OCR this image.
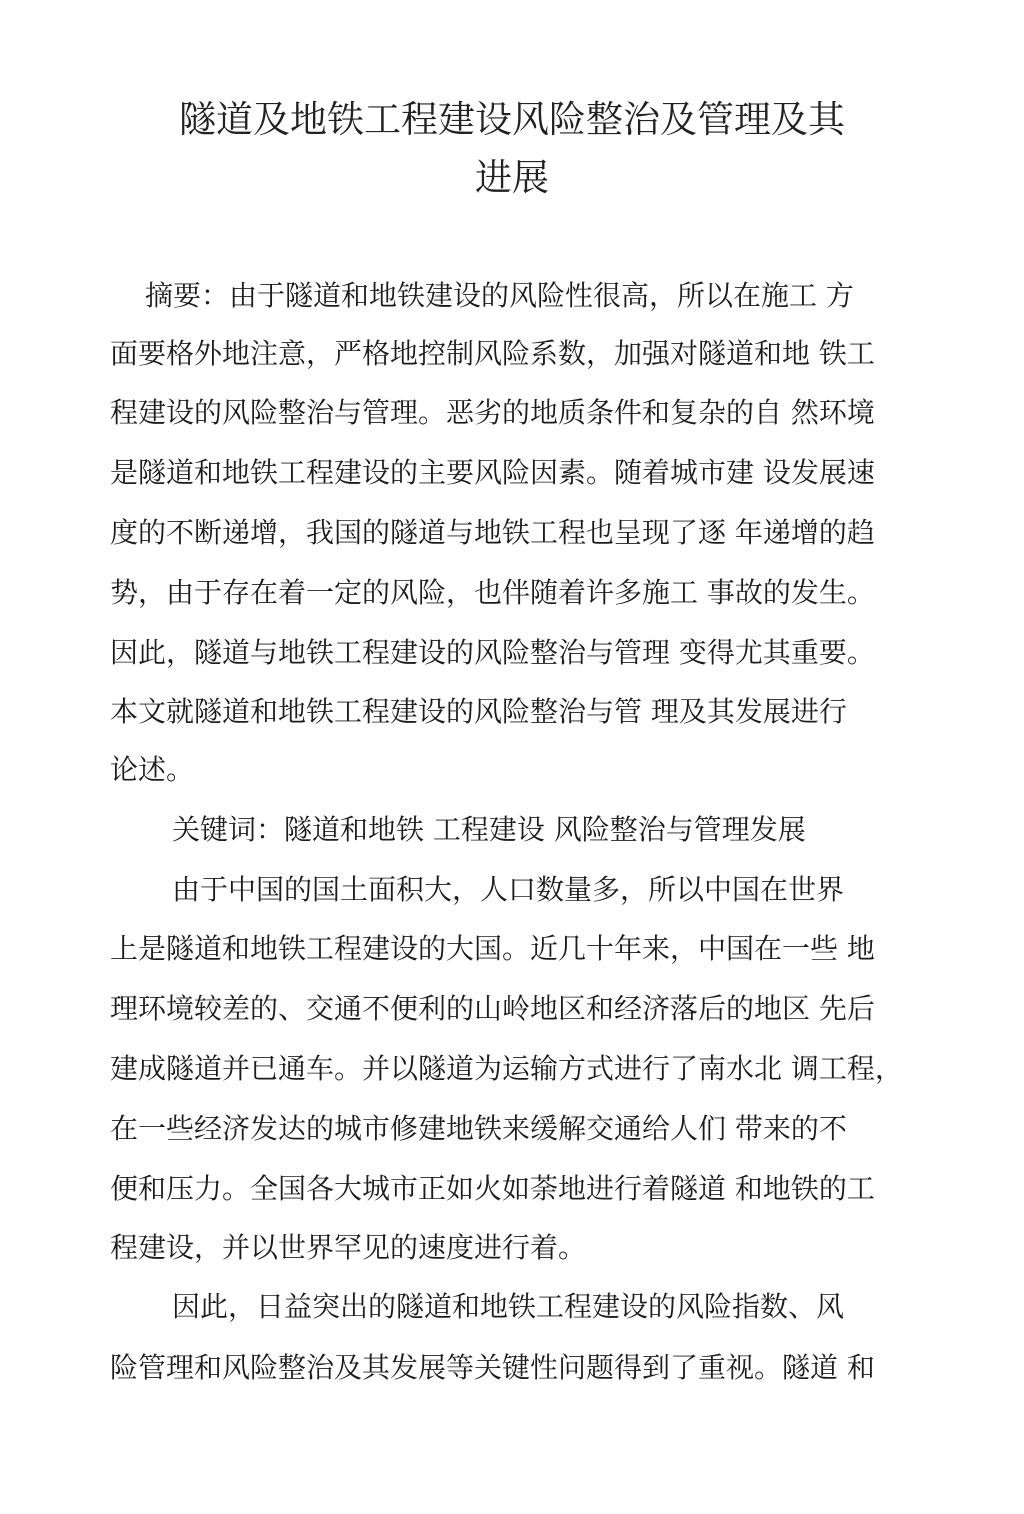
隧道及地铁工程建设风险整治及管理及其
进展
摘要：由于隧道和地铁建设的风险性很高，所以在施工 方
面要格外地注意，严格地控制风险系数，加强对隧道和地 铁工
程建设的风险整治与管理。恶劣的地质条件和复杂的自 然环境
是隧道和地铁工程建设的主要风险因素。随着城市建 设发展速
度的不断递增，我国的隧道与地铁工程也呈现了逐 年递增的趋
势，由于存在着一定的风险，也伴随着许多施工 事故的发生。
因此，隧道与地铁工程建设的风险整治与管理 变得尤其重要。
本文就隧道和地铁工程建设的风险整治与管 理及其发展进行
论述。
关键词：隧道和地铁 工程建设 风险整治与管理发展
由于中国的国土面积大，人口数量多，所以中国在世界
上是隧道和地铁工程建设的大国。近几十年来，中国在一些 地
理环境较差的、交通不便利的山岭地区和经济落后的地区 先后
建成隧道并已通车。并以隧道为运输方式进行了南水北 调工程，
在一些经济发达的城市修建地铁来缓解交通给人们 带来的不
便和压力。全国各大城市正如火如荼地进行着隧道 和地铁的工
程建设，并以世界罕见的速度进行着。
因此，日益突出的隧道和地铁工程建设的风险指数、风
险管理和风险整治及其发展等关键性问题得到了重视。隧道 和
